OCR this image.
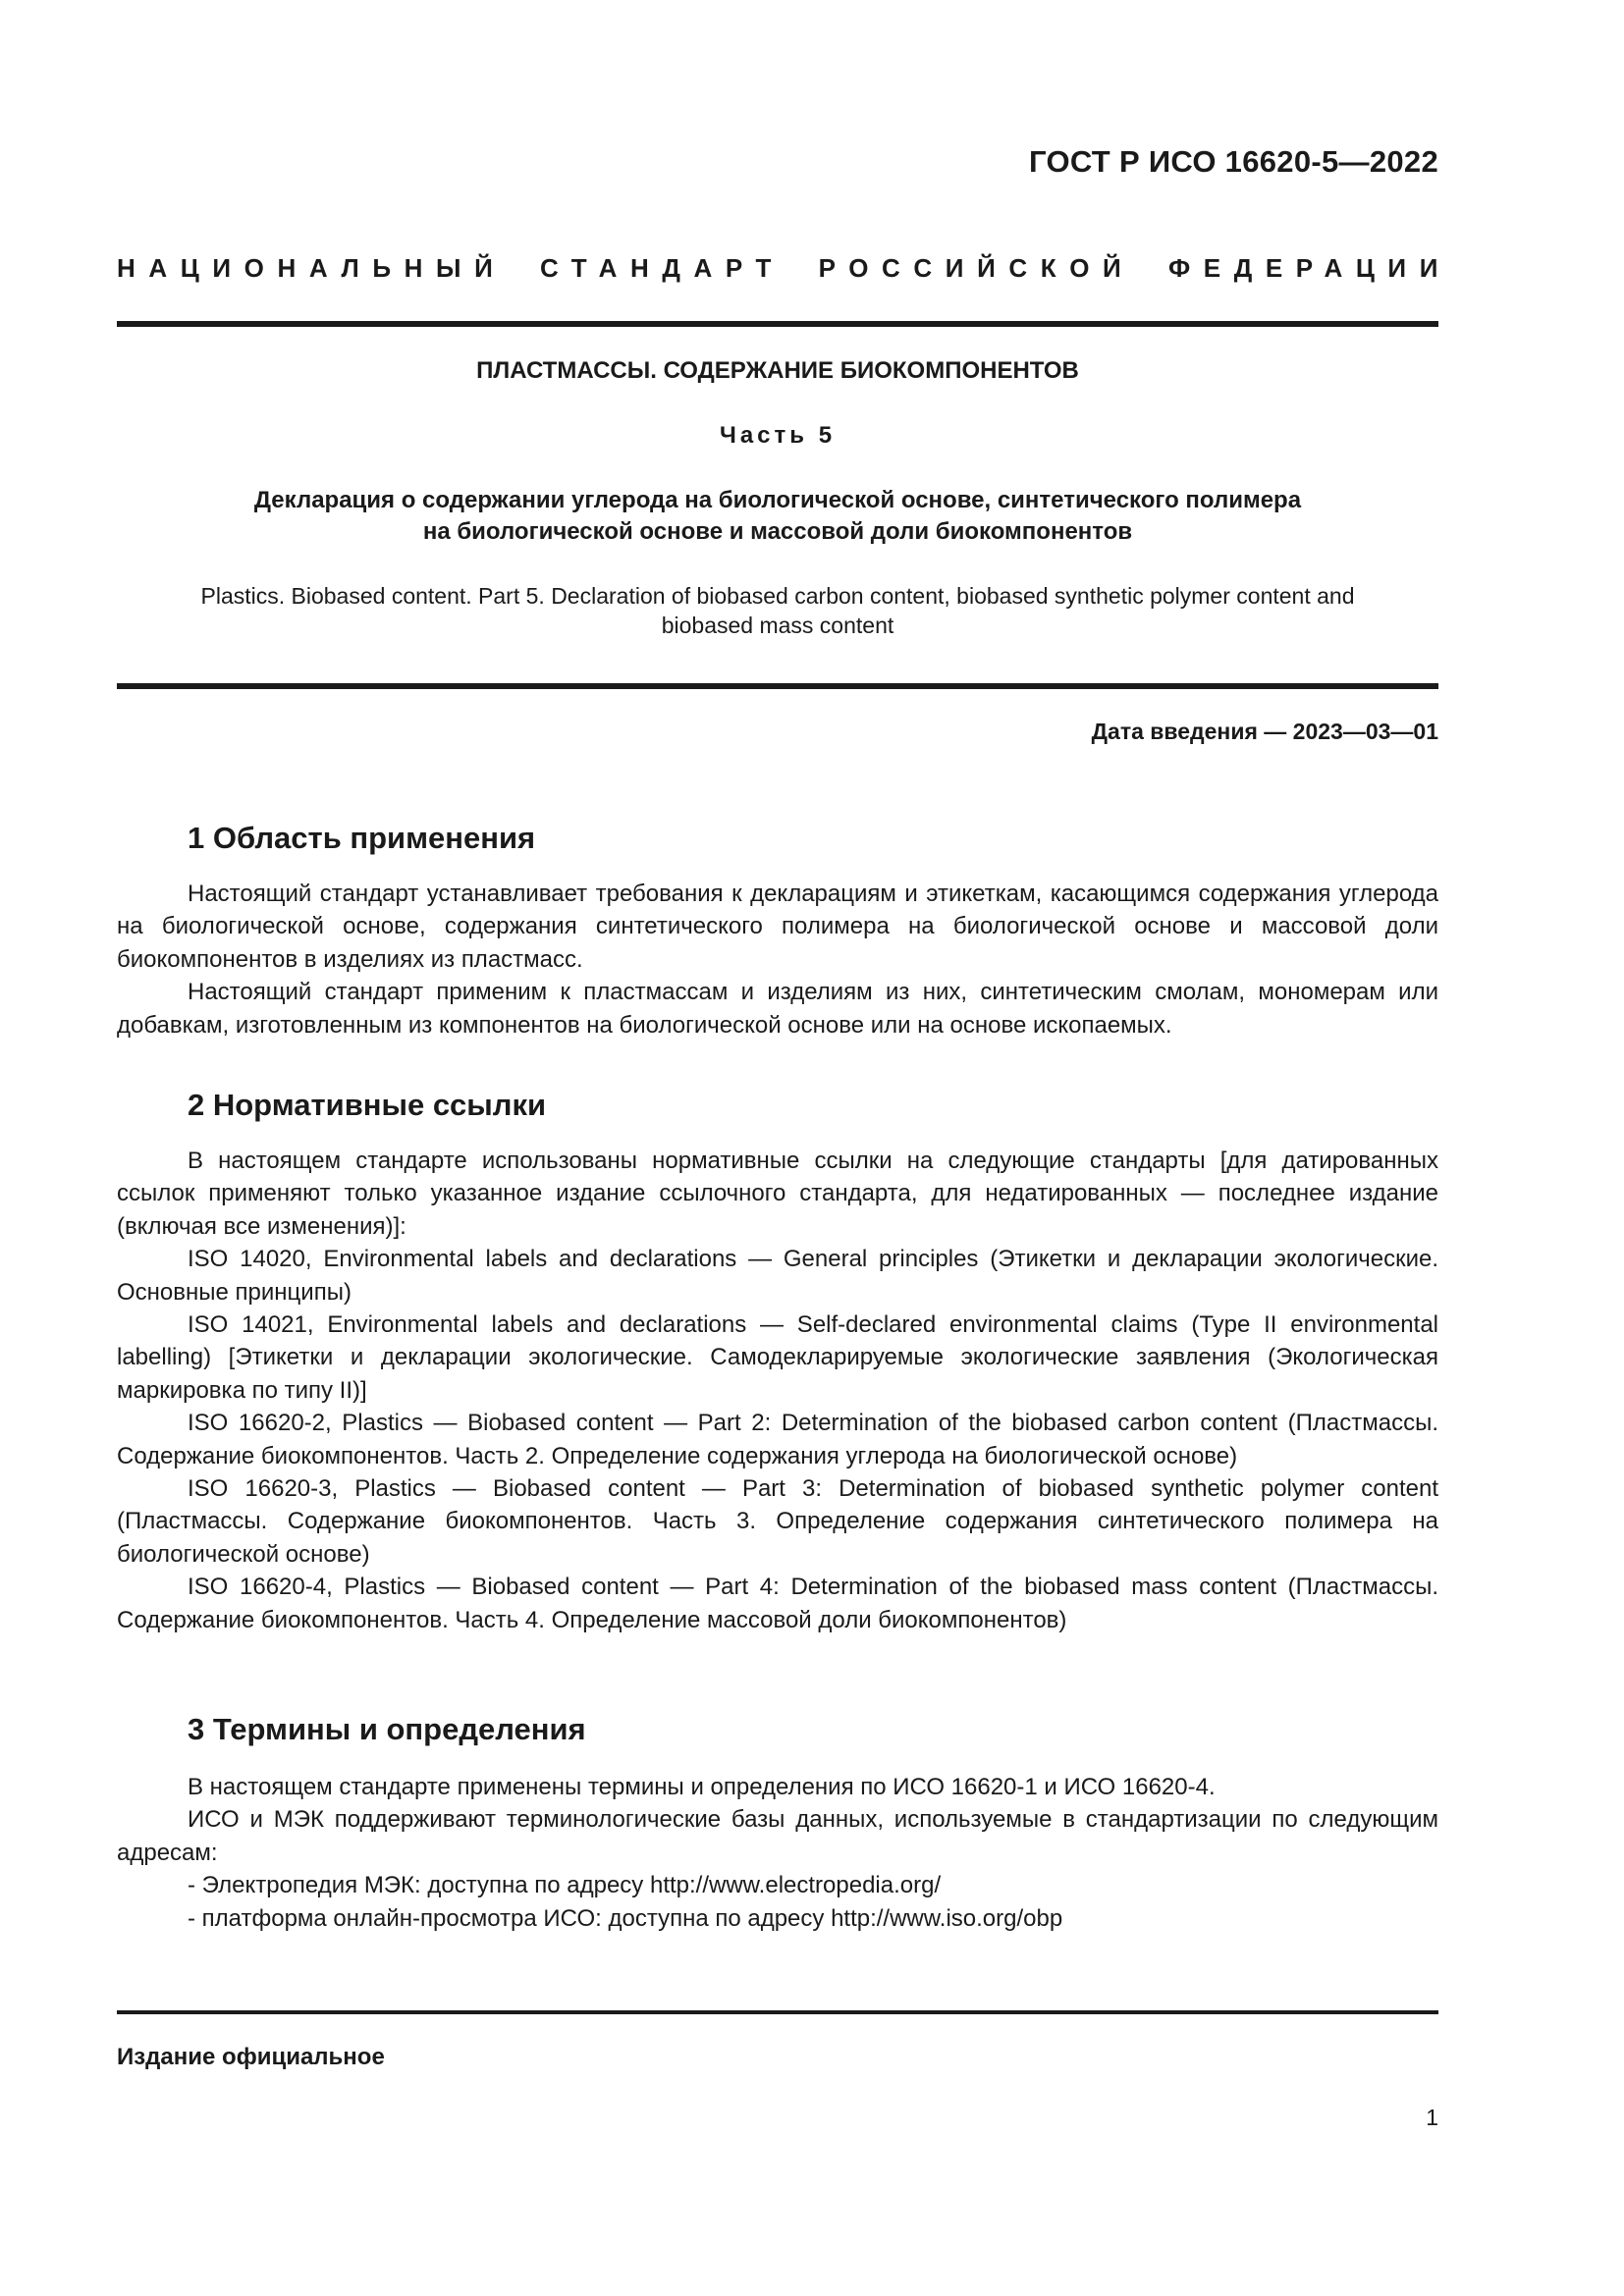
ГОСТ Р ИСО 16620-5—2022
НАЦИОНАЛЬНЫЙ СТАНДАРТ РОССИЙСКОЙ ФЕДЕРАЦИИ
ПЛАСТМАССЫ. СОДЕРЖАНИЕ БИОКОМПОНЕНТОВ
Часть 5
Декларация о содержании углерода на биологической основе, синтетического полимера
на биологической основе и массовой доли биокомпонентов
Plastics. Biobased content. Part 5. Declaration of biobased carbon content, biobased synthetic polymer content and
biobased mass content
Дата введения — 2023—03—01
1 Область применения

Настоящий стандарт устанавливает требования к декларациям и этикеткам, касающимся содержания углерода на биологической основе, содержания синтетического полимера на биологической основе и массовой доли биокомпонентов в изделиях из пластмасс.

Настоящий стандарт применим к пластмассам и изделиям из них, синтетическим смолам, мономерам или добавкам, изготовленным из компонентов на биологической основе или на основе ископаемых.

2 Нормативные ссылки

В настоящем стандарте использованы нормативные ссылки на следующие стандарты [для датированных ссылок применяют только указанное издание ссылочного стандарта, для недатированных — последнее издание (включая все изменения)]:

ISO 14020, Environmental labels and declarations — General principles (Этикетки и декларации экологические. Основные принципы)

ISO 14021, Environmental labels and declarations — Self-declared environmental claims (Type II environmental labelling) [Этикетки и декларации экологические. Самодекларируемые экологические заявления (Экологическая маркировка по типу II)]

ISO 16620-2, Plastics — Biobased content — Part 2: Determination of the biobased carbon content (Пластмассы. Содержание биокомпонентов. Часть 2. Определение содержания углерода на биологической основе)

ISO 16620-3, Plastics — Biobased content — Part 3: Determination of biobased synthetic polymer content (Пластмассы. Содержание биокомпонентов. Часть 3. Определение содержания синтетического полимера на биологической основе)

ISO 16620-4, Plastics — Biobased content — Part 4: Determination of the biobased mass content (Пластмассы. Содержание биокомпонентов. Часть 4. Определение массовой доли биокомпонентов)

3 Термины и определения

В настоящем стандарте применены термины и определения по ИСО 16620-1 и ИСО 16620-4.

ИСО и МЭК поддерживают терминологические базы данных, используемые в стандартизации по следующим адресам:

- Электропедия МЭК: доступна по адресу http://www.electropedia.org/

- платформа онлайн-просмотра ИСО: доступна по адресу http://www.iso.org/obp

Издание официальное
1
